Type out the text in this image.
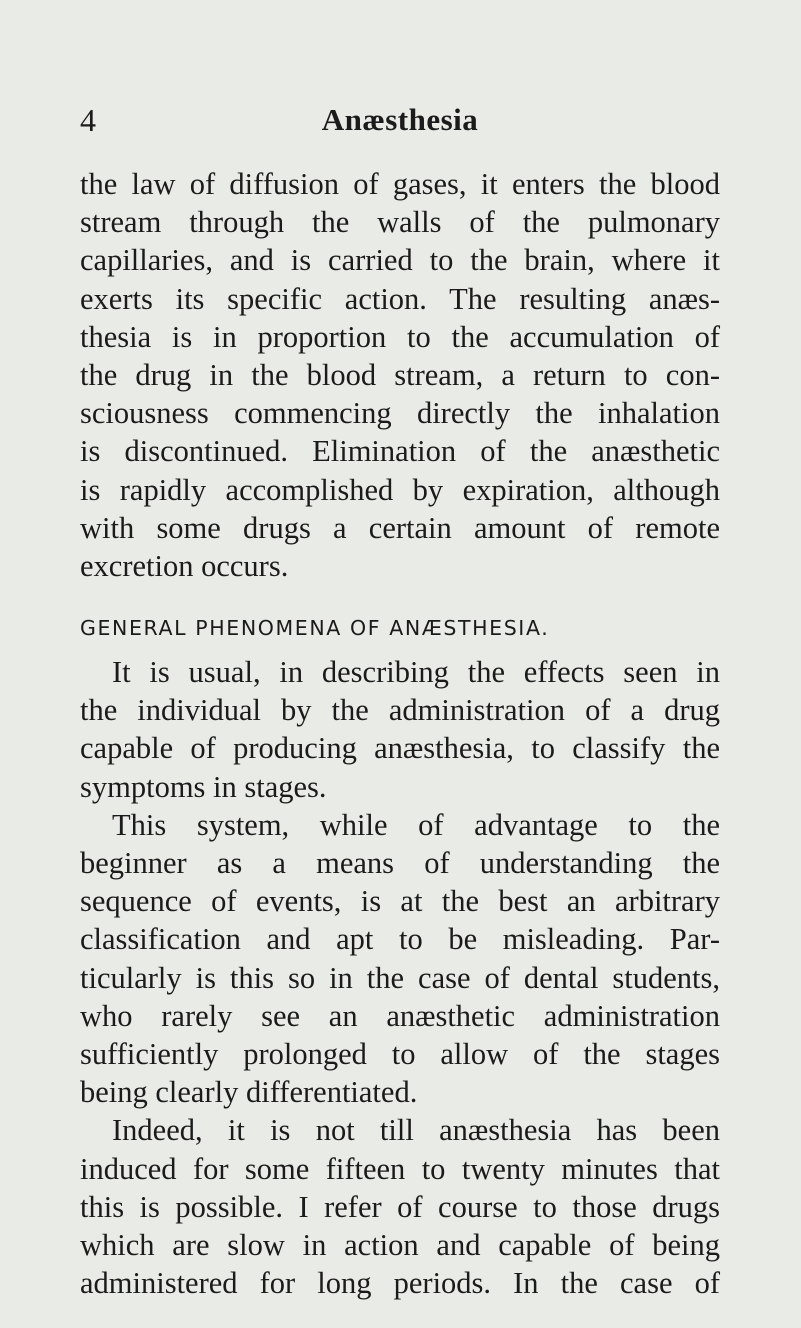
4	Anæsthesia
the law of diffusion of gases, it enters the blood
stream through the walls of the pulmonary
capillaries, and is carried to the brain, where it
exerts its specific action. The resulting anæs-
thesia is in proportion to the accumulation of
the drug in the blood stream, a return to con-
sciousness commencing directly the inhalation
is discontinued. Elimination of the anæsthetic
is rapidly accomplished by expiration, although
with some drugs a certain amount of remote
excretion occurs.
GENERAL PHENOMENA OF ANÆSTHESIA.
It is usual, in describing the effects seen in
the individual by the administration of a drug
capable of producing anæsthesia, to classify the
symptoms in stages.
This system, while of advantage to the
beginner as a means of understanding the
sequence of events, is at the best an arbitrary
classification and apt to be misleading. Par-
ticularly is this so in the case of dental students,
who rarely see an anæsthetic administration
sufficiently prolonged to allow of the stages
being clearly differentiated.
Indeed, it is not till anæsthesia has been
induced for some fifteen to twenty minutes that
this is possible. I refer of course to those drugs
which are slow in action and capable of being
administered for long periods. In the case of
